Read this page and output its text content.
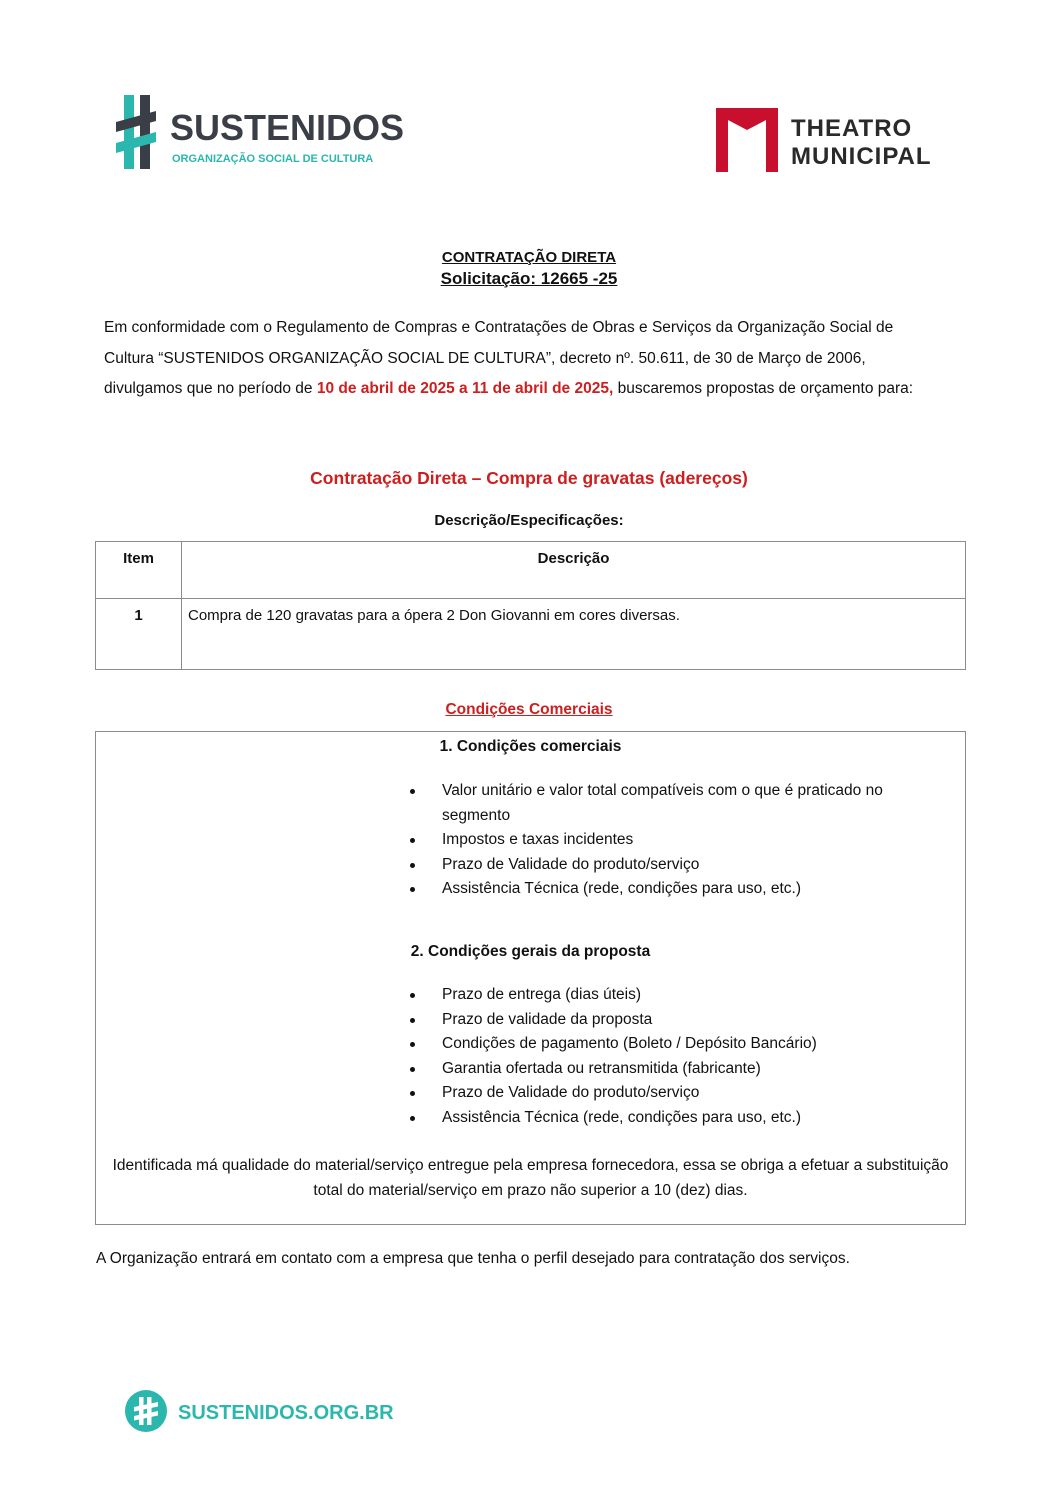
SUSTENIDOS
ORGANIZAÇÃO SOCIAL DE CULTURA
THEATRO
MUNICIPAL
CONTRATAÇÃO DIRETA
Solicitação: 12665 -25

Em conformidade com o Regulamento de Compras e Contratações de Obras e Serviços da Organização Social de Cultura “SUSTENIDOS ORGANIZAÇÃO SOCIAL DE CULTURA”, decreto nº. 50.611, de 30 de Março de 2006, divulgamos que no período de 10 de abril de 2025 a 11 de abril de 2025, buscaremos propostas de orçamento para:

Contratação Direta – Compra de gravatas (adereços)
Descrição/Especificações:
Item	Descrição
1	Compra de 120 gravatas para a ópera 2 Don Giovanni em cores diversas.
Condições Comerciais
1. Condições comerciais
Valor unitário e valor total compatíveis com o que é praticado no segmento
Impostos e taxas incidentes
Prazo de Validade do produto/serviço
Assistência Técnica (rede, condições para uso, etc.)
2. Condições gerais da proposta
Prazo de entrega (dias úteis)
Prazo de validade da proposta
Condições de pagamento (Boleto / Depósito Bancário)
Garantia ofertada ou retransmitida (fabricante)
Prazo de Validade do produto/serviço
Assistência Técnica (rede, condições para uso, etc.)
Identificada má qualidade do material/serviço entregue pela empresa fornecedora, essa se obriga a efetuar a substituição total do material/serviço em prazo não superior a 10 (dez) dias.
A Organização entrará em contato com a empresa que tenha o perfil desejado para contratação dos serviços.
SUSTENIDOS.ORG.BR
